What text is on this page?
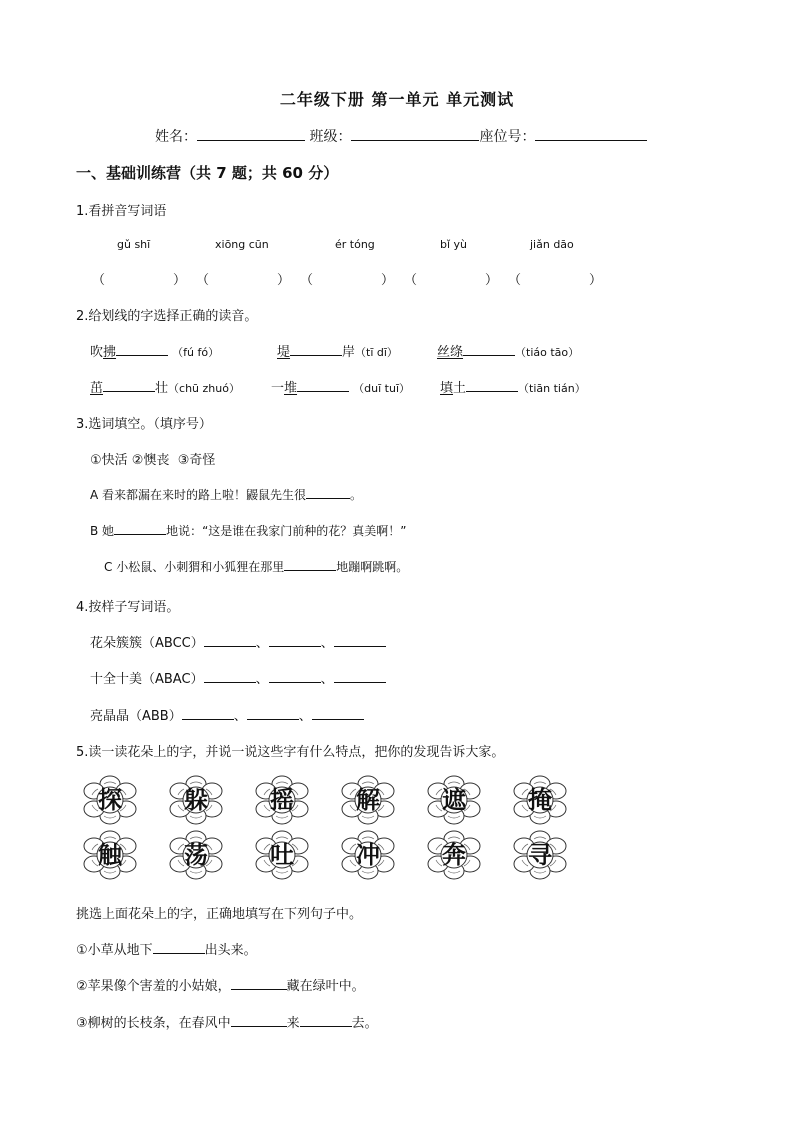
二年级下册 第一单元 单元测试
姓名：	班级：	座位号：
一、基础训练营（共 7 题；共 60 分）
1.看拼音写词语
gǔ shī	xiōng cūn	ér tóng	bǐ yù	jiǎn dāo
（	） （	） （	） （	） （	）
2.给划线的字选择正确的读音。
吹拂	（fú fó）	堤	岸（tī dī）	丝绦	（tiáo tāo）
茁	壮（chū zhuó） 一堆	（duī tuī） 填土	（tiān tián）
3.选词填空。（填序号）
①快活 ②懊丧 ③奇怪
A 看来都漏在来时的路上啦！鼹鼠先生很	。
B 她	地说：“这是谁在我家门前种的花？真美啊！”
C 小松鼠、小刺猬和小狐狸在那里	地蹦啊跳啊。
4.按样子写词语。
花朵簇簇（ABCC）	、	、
十全十美（ABAC）	、	、
亮晶晶（ABB）	、	、
5.读一读花朵上的字，并说一说这些字有什么特点，把你的发现告诉大家。
探	躲	摇	解	遮	掩
触	荡	吐	冲	奔	寻
挑选上面花朵上的字，正确地填写在下列句子中。
①小草从地下	出头来。
②苹果像个害羞的小姑娘，	藏在绿叶中。
③柳树的长枝条，在春风中	来	去。
